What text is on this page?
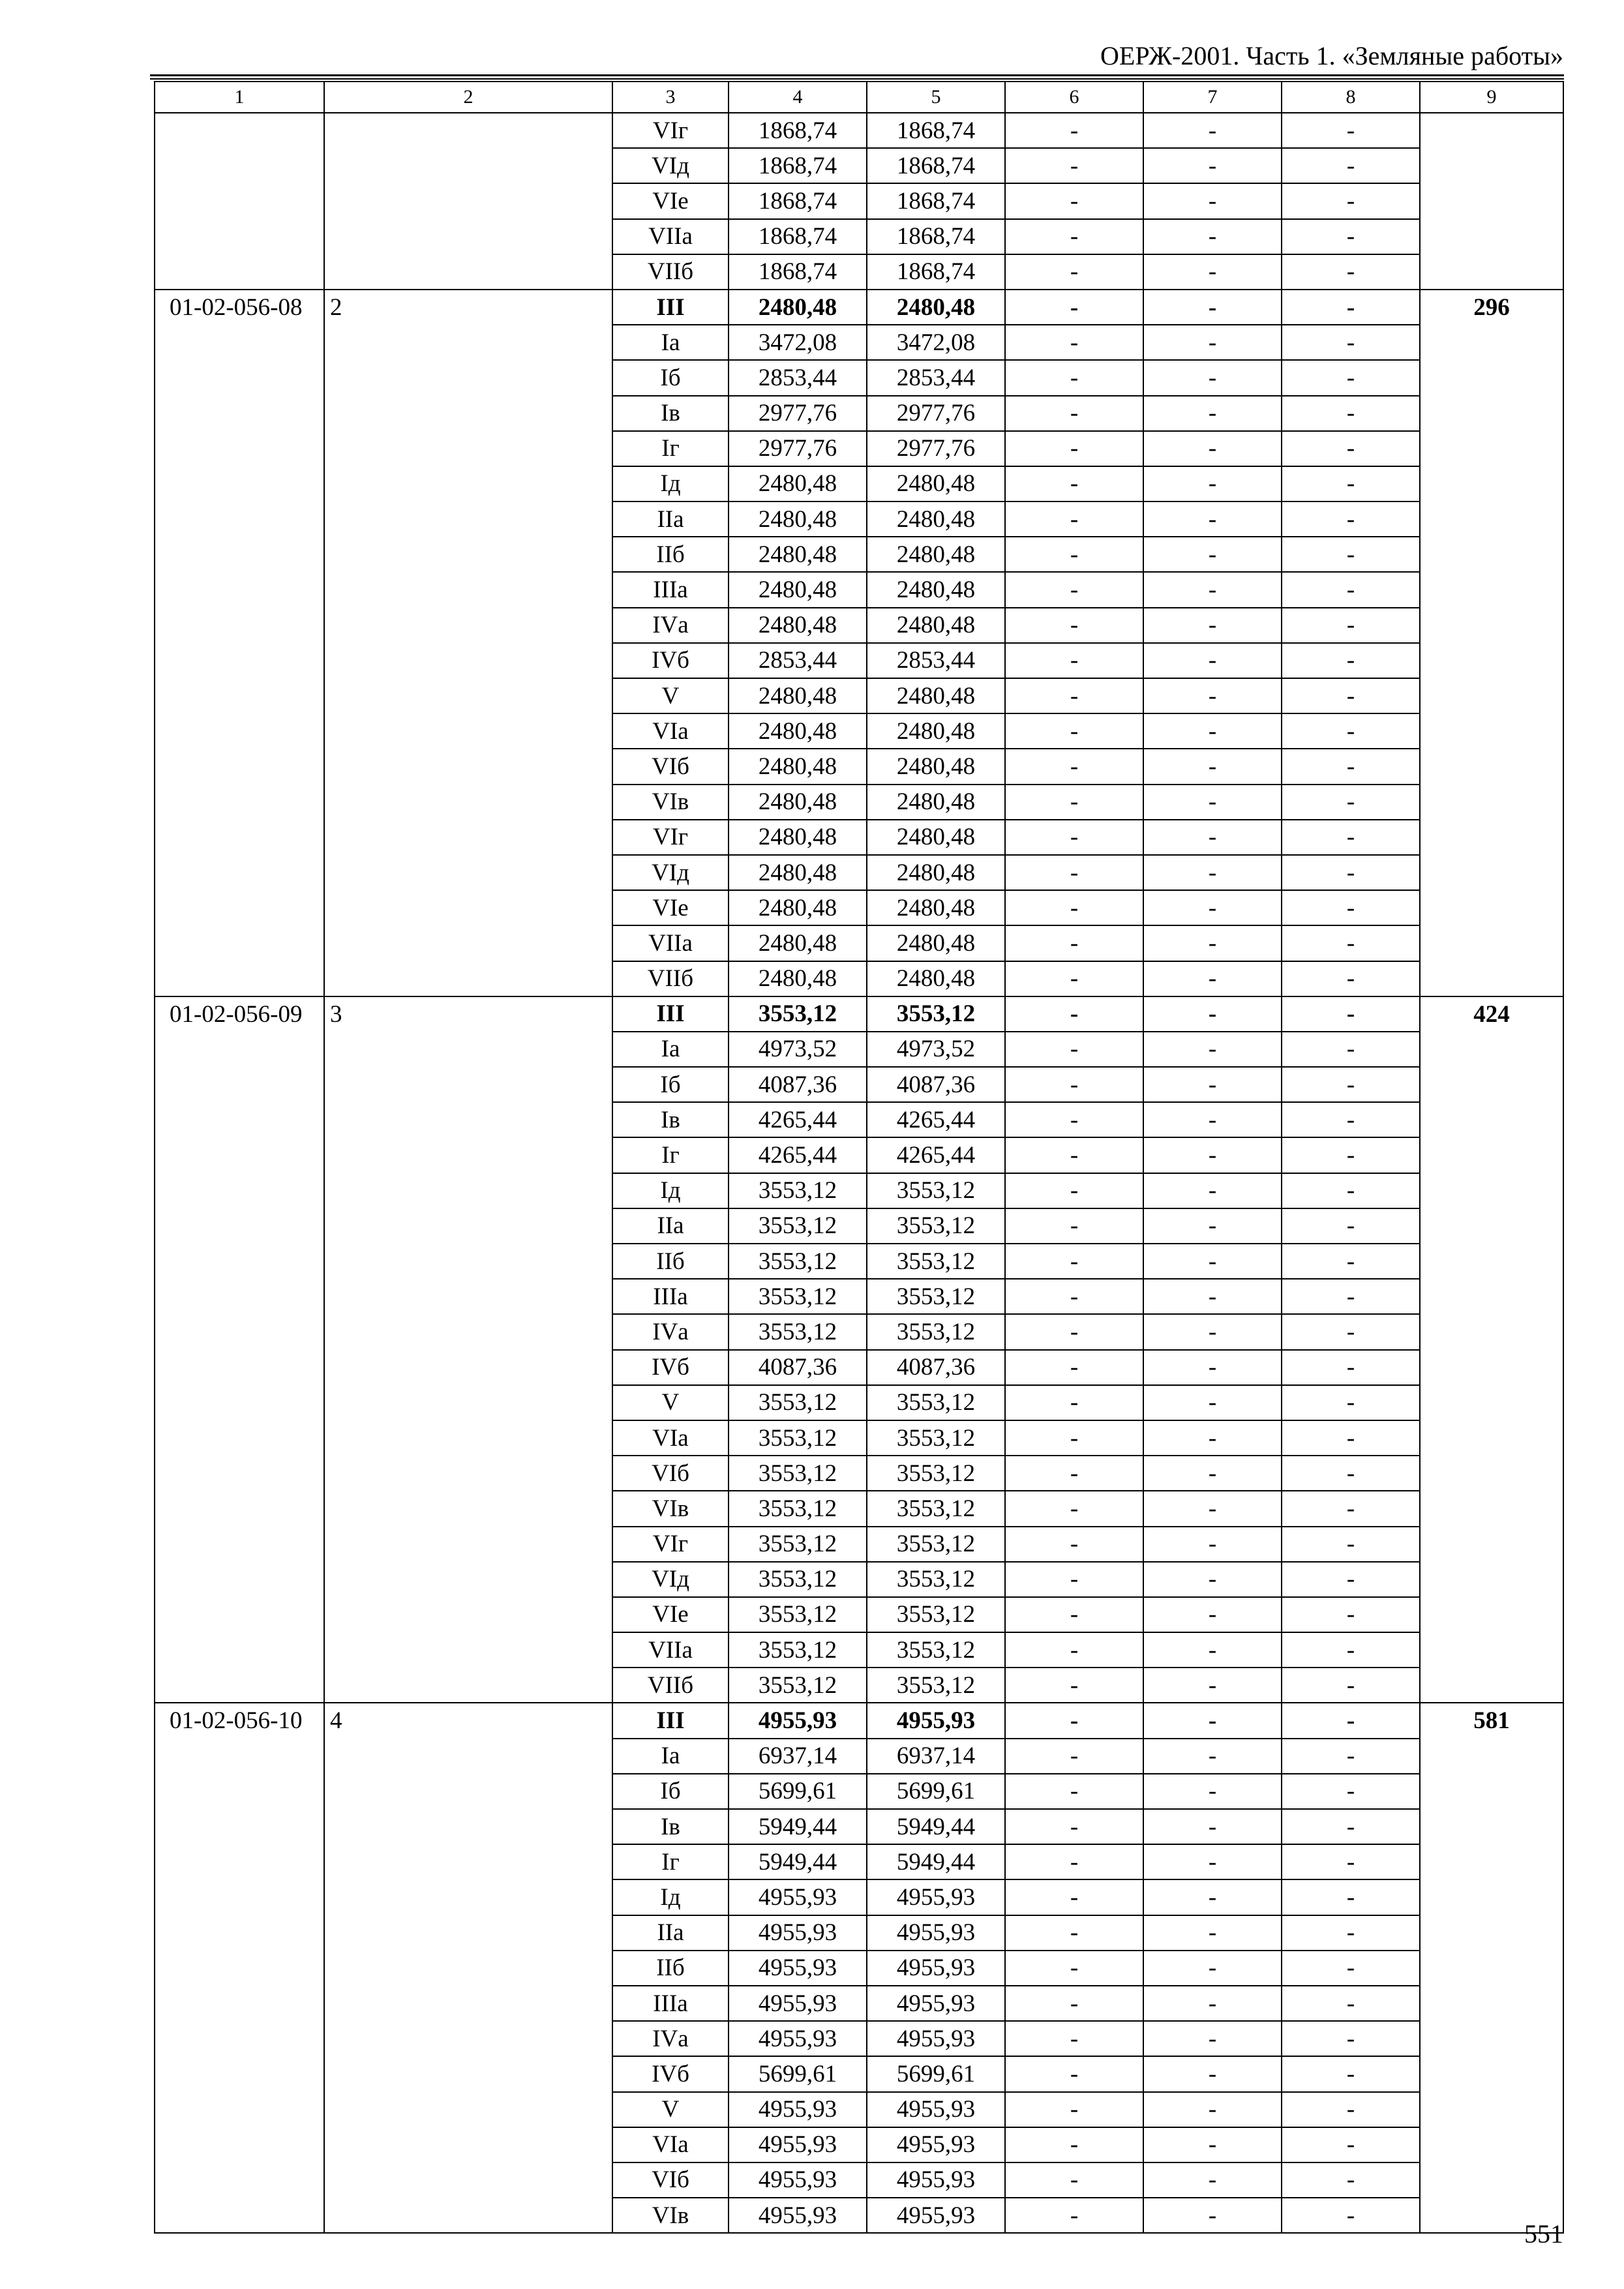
ОЕРЖ-2001. Часть 1. «Земляные работы»
1	2	3	4	5	6	7	8	9
		VIг	1868,74	1868,74	-	-	-	
		VIд	1868,74	1868,74	-	-	-	
		VIе	1868,74	1868,74	-	-	-	
		VIIа	1868,74	1868,74	-	-	-	
		VIIб	1868,74	1868,74	-	-	-	
01-02-056-08	2	III	2480,48	2480,48	-	-	-	296
		Iа	3472,08	3472,08	-	-	-	
		Iб	2853,44	2853,44	-	-	-	
		Iв	2977,76	2977,76	-	-	-	
		Iг	2977,76	2977,76	-	-	-	
		Iд	2480,48	2480,48	-	-	-	
		IIа	2480,48	2480,48	-	-	-	
		IIб	2480,48	2480,48	-	-	-	
		IIIа	2480,48	2480,48	-	-	-	
		IVа	2480,48	2480,48	-	-	-	
		IVб	2853,44	2853,44	-	-	-	
		V	2480,48	2480,48	-	-	-	
		VIа	2480,48	2480,48	-	-	-	
		VIб	2480,48	2480,48	-	-	-	
		VIв	2480,48	2480,48	-	-	-	
		VIг	2480,48	2480,48	-	-	-	
		VIд	2480,48	2480,48	-	-	-	
		VIе	2480,48	2480,48	-	-	-	
		VIIа	2480,48	2480,48	-	-	-	
		VIIб	2480,48	2480,48	-	-	-	
01-02-056-09	3	III	3553,12	3553,12	-	-	-	424
		Iа	4973,52	4973,52	-	-	-	
		Iб	4087,36	4087,36	-	-	-	
		Iв	4265,44	4265,44	-	-	-	
		Iг	4265,44	4265,44	-	-	-	
		Iд	3553,12	3553,12	-	-	-	
		IIа	3553,12	3553,12	-	-	-	
		IIб	3553,12	3553,12	-	-	-	
		IIIа	3553,12	3553,12	-	-	-	
		IVа	3553,12	3553,12	-	-	-	
		IVб	4087,36	4087,36	-	-	-	
		V	3553,12	3553,12	-	-	-	
		VIа	3553,12	3553,12	-	-	-	
		VIб	3553,12	3553,12	-	-	-	
		VIв	3553,12	3553,12	-	-	-	
		VIг	3553,12	3553,12	-	-	-	
		VIд	3553,12	3553,12	-	-	-	
		VIе	3553,12	3553,12	-	-	-	
		VIIа	3553,12	3553,12	-	-	-	
		VIIб	3553,12	3553,12	-	-	-	
01-02-056-10	4	III	4955,93	4955,93	-	-	-	581
		Iа	6937,14	6937,14	-	-	-	
		Iб	5699,61	5699,61	-	-	-	
		Iв	5949,44	5949,44	-	-	-	
		Iг	5949,44	5949,44	-	-	-	
		Iд	4955,93	4955,93	-	-	-	
		IIа	4955,93	4955,93	-	-	-	
		IIб	4955,93	4955,93	-	-	-	
		IIIа	4955,93	4955,93	-	-	-	
		IVа	4955,93	4955,93	-	-	-	
		IVб	5699,61	5699,61	-	-	-	
		V	4955,93	4955,93	-	-	-	
		VIа	4955,93	4955,93	-	-	-	
		VIб	4955,93	4955,93	-	-	-	
		VIв	4955,93	4955,93	-	-	-	
551
